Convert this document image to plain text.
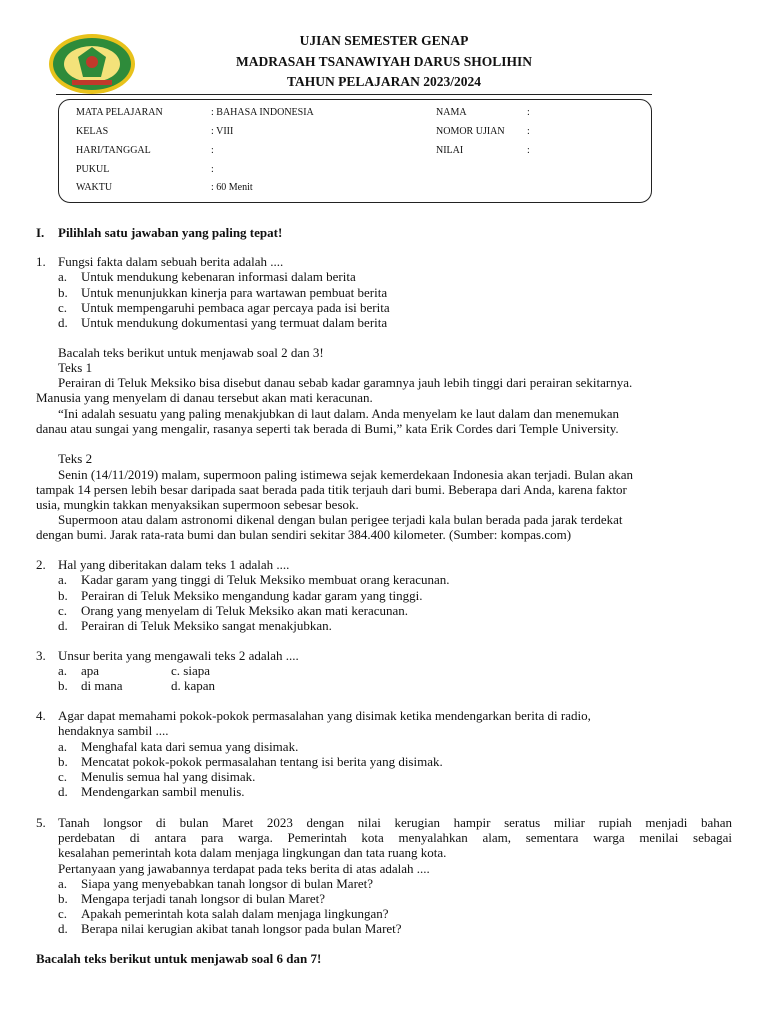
UJIAN SEMESTER GENAP
MADRASAH TSANAWIYAH DARUS SHOLIHIN
TAHUN PELAJARAN 2023/2024
MATA PELAJARAN	: BAHASA INDONESIA
KELAS	: VIII
HARI/TANGGAL	:
PUKUL	:
WAKTU	: 60 Menit
NAMA	:
NOMOR UJIAN :
NILAI	:
I. Pilihlah satu jawaban yang paling tepat!
1. Fungsi fakta dalam sebuah berita adalah ....
a. Untuk mendukung kebenaran informasi dalam berita
b. Untuk menunjukkan kinerja para wartawan pembuat berita
c. Untuk mempengaruhi pembaca agar percaya pada isi berita
d. Untuk mendukung dokumentasi yang termuat dalam berita
Bacalah teks berikut untuk menjawab soal 2 dan 3!
Teks 1
Perairan di Teluk Meksiko bisa disebut danau sebab kadar garamnya jauh lebih tinggi dari perairan sekitarnya.
Manusia yang menyelam di danau tersebut akan mati keracunan.
“Ini adalah sesuatu yang paling menakjubkan di laut dalam. Anda menyelam ke laut dalam dan menemukan
danau atau sungai yang mengalir, rasanya seperti tak berada di Bumi,” kata Erik Cordes dari Temple University.
Teks 2
Senin (14/11/2019) malam, supermoon paling istimewa sejak kemerdekaan Indonesia akan terjadi. Bulan akan
tampak 14 persen lebih besar daripada saat berada pada titik terjauh dari bumi. Beberapa dari Anda, karena faktor
usia, mungkin takkan menyaksikan supermoon sebesar besok.
Supermoon atau dalam astronomi dikenal dengan bulan perigee terjadi kala bulan berada pada jarak terdekat
dengan bumi. Jarak rata-rata bumi dan bulan sendiri sekitar 384.400 kilometer. (Sumber: kompas.com)
2. Hal yang diberitakan dalam teks 1 adalah ....
a. Kadar garam yang tinggi di Teluk Meksiko membuat orang keracunan.
b. Perairan di Teluk Meksiko mengandung kadar garam yang tinggi.
c. Orang yang menyelam di Teluk Meksiko akan mati keracunan.
d. Perairan di Teluk Meksiko sangat menakjubkan.
3. Unsur berita yang mengawali teks 2 adalah ....
a. apa	c. siapa
b. di mana	d. kapan
4. Agar dapat memahami pokok-pokok permasalahan yang disimak ketika mendengarkan berita di radio,
hendaknya sambil ....
a. Menghafal kata dari semua yang disimak.
b. Mencatat pokok-pokok permasalahan tentang isi berita yang disimak.
c. Menulis semua hal yang disimak.
d. Mendengarkan sambil menulis.
5. Tanah longsor di bulan Maret 2023 dengan nilai kerugian hampir seratus miliar rupiah menjadi bahan
perdebatan di antara para warga. Pemerintah kota menyalahkan alam, sementara warga menilai sebagai
kesalahan pemerintah kota dalam menjaga lingkungan dan tata ruang kota.
Pertanyaan yang jawabannya terdapat pada teks berita di atas adalah ....
a. Siapa yang menyebabkan tanah longsor di bulan Maret?
b. Mengapa terjadi tanah longsor di bulan Maret?
c. Apakah pemerintah kota salah dalam menjaga lingkungan?
d. Berapa nilai kerugian akibat tanah longsor pada bulan Maret?
Bacalah teks berikut untuk menjawab soal 6 dan 7!
